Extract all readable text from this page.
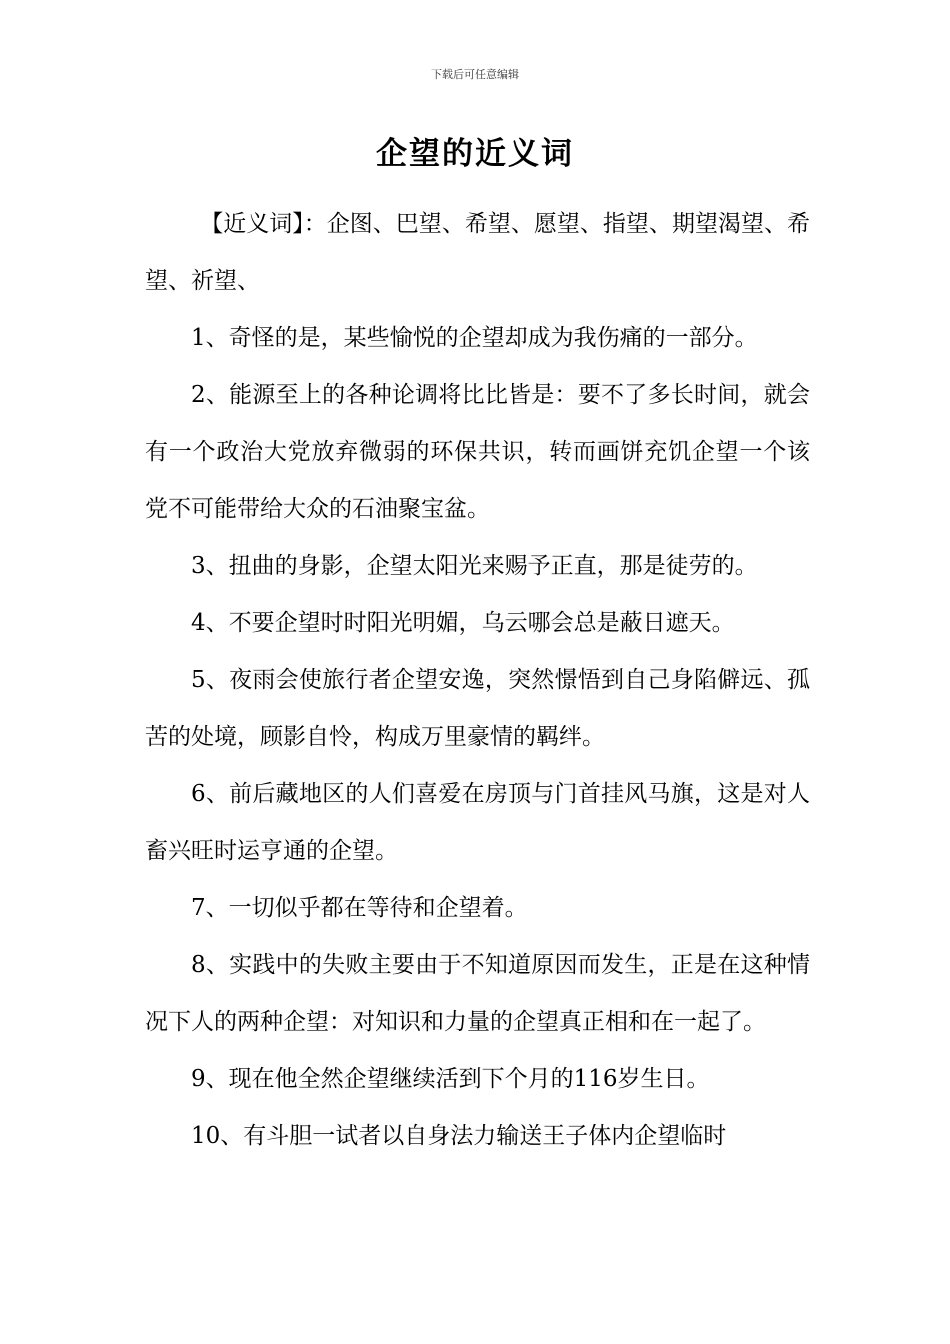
下载后可任意编辑
企望的近义词

【近义词】：企图、巴望、希望、愿望、指望、期望渴望、希望、祈望、

1、奇怪的是，某些愉悦的企望却成为我伤痛的一部分。

2、能源至上的各种论调将比比皆是：要不了多长时间，就会有一个政治大党放弃微弱的环保共识，转而画饼充饥企望一个该党不可能带给大众的石油聚宝盆。

3、扭曲的身影，企望太阳光来赐予正直，那是徒劳的。

4、不要企望时时阳光明媚，乌云哪会总是蔽日遮天。

5、夜雨会使旅行者企望安逸，突然憬悟到自己身陷僻远、孤苦的处境，顾影自怜，构成万里豪情的羁绊。

6、前后藏地区的人们喜爱在房顶与门首挂风马旗，这是对人畜兴旺时运亨通的企望。

7、一切似乎都在等待和企望着。

8、实践中的失败主要由于不知道原因而发生，正是在这种情况下人的两种企望：对知识和力量的企望真正相和在一起了。

9、现在他全然企望继续活到下个月的116岁生日。

10、有斗胆一试者以自身法力输送王子体内企望临时
